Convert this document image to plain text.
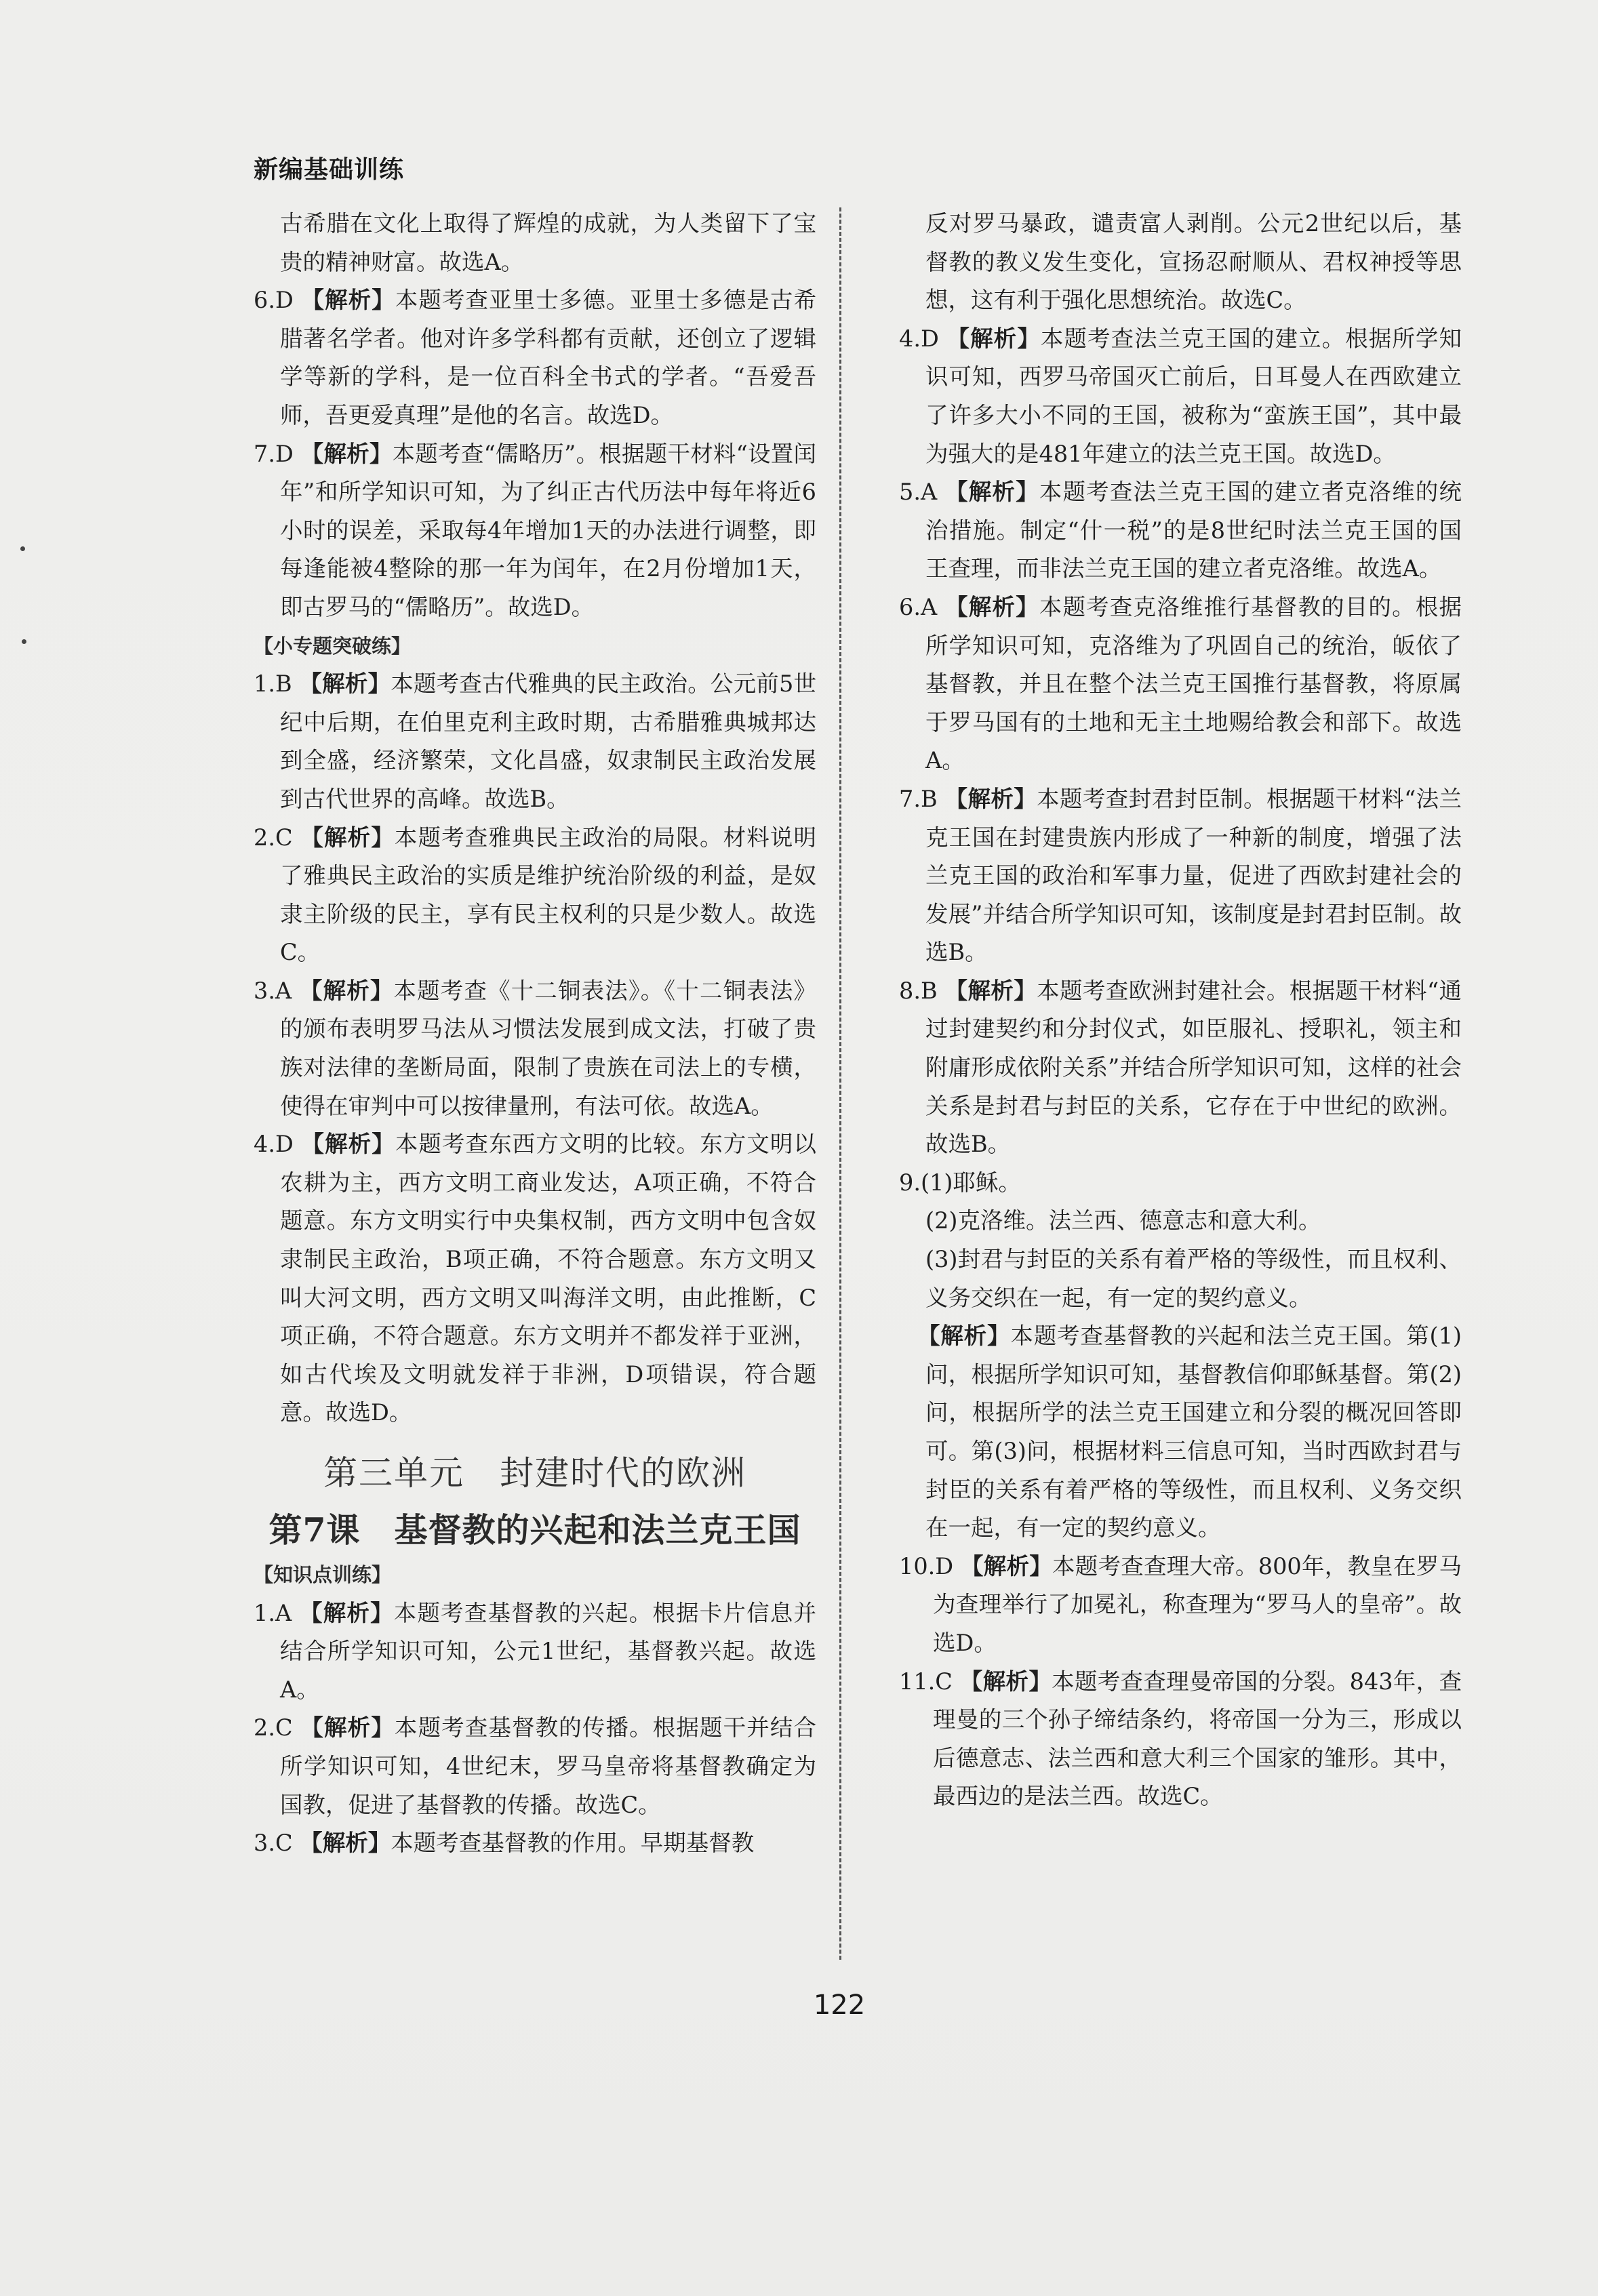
新编基础训练

古希腊在文化上取得了辉煌的成就，为人类留下了宝贵的精神财富。故选A。

6.D 【解析】本题考查亚里士多德。亚里士多德是古希腊著名学者。他对许多学科都有贡献，还创立了逻辑学等新的学科，是一位百科全书式的学者。“吾爱吾师，吾更爱真理”是他的名言。故选D。

7.D 【解析】本题考查“儒略历”。根据题干材料“设置闰年”和所学知识可知，为了纠正古代历法中每年将近6小时的误差，采取每4年增加1天的办法进行调整，即每逢能被4整除的那一年为闰年，在2月份增加1天，即古罗马的“儒略历”。故选D。

【小专题突破练】

1.B 【解析】本题考查古代雅典的民主政治。公元前5世纪中后期，在伯里克利主政时期，古希腊雅典城邦达到全盛，经济繁荣，文化昌盛，奴隶制民主政治发展到古代世界的高峰。故选B。

2.C 【解析】本题考查雅典民主政治的局限。材料说明了雅典民主政治的实质是维护统治阶级的利益，是奴隶主阶级的民主，享有民主权利的只是少数人。故选C。

3.A 【解析】本题考查《十二铜表法》。《十二铜表法》的颁布表明罗马法从习惯法发展到成文法，打破了贵族对法律的垄断局面，限制了贵族在司法上的专横，使得在审判中可以按律量刑，有法可依。故选A。

4.D 【解析】本题考查东西方文明的比较。东方文明以农耕为主，西方文明工商业发达，A项正确，不符合题意。东方文明实行中央集权制，西方文明中包含奴隶制民主政治，B项正确，不符合题意。东方文明又叫大河文明，西方文明又叫海洋文明，由此推断，C项正确，不符合题意。东方文明并不都发祥于亚洲，如古代埃及文明就发祥于非洲，D项错误，符合题意。故选D。

第三单元　封建时代的欧洲
第7课　基督教的兴起和法兰克王国

【知识点训练】

1.A 【解析】本题考查基督教的兴起。根据卡片信息并结合所学知识可知，公元1世纪，基督教兴起。故选A。

2.C 【解析】本题考查基督教的传播。根据题干并结合所学知识可知，4世纪末，罗马皇帝将基督教确定为国教，促进了基督教的传播。故选C。

3.C 【解析】本题考查基督教的作用。早期基督教

反对罗马暴政，谴责富人剥削。公元2世纪以后，基督教的教义发生变化，宣扬忍耐顺从、君权神授等思想，这有利于强化思想统治。故选C。

4.D 【解析】本题考查法兰克王国的建立。根据所学知识可知，西罗马帝国灭亡前后，日耳曼人在西欧建立了许多大小不同的王国，被称为“蛮族王国”，其中最为强大的是481年建立的法兰克王国。故选D。

5.A 【解析】本题考查法兰克王国的建立者克洛维的统治措施。制定“什一税”的是8世纪时法兰克王国的国王查理，而非法兰克王国的建立者克洛维。故选A。

6.A 【解析】本题考查克洛维推行基督教的目的。根据所学知识可知，克洛维为了巩固自己的统治，皈依了基督教，并且在整个法兰克王国推行基督教，将原属于罗马国有的土地和无主土地赐给教会和部下。故选A。

7.B 【解析】本题考查封君封臣制。根据题干材料“法兰克王国在封建贵族内形成了一种新的制度，增强了法兰克王国的政治和军事力量，促进了西欧封建社会的发展”并结合所学知识可知，该制度是封君封臣制。故选B。

8.B 【解析】本题考查欧洲封建社会。根据题干材料“通过封建契约和分封仪式，如臣服礼、授职礼，领主和附庸形成依附关系”并结合所学知识可知，这样的社会关系是封君与封臣的关系，它存在于中世纪的欧洲。故选B。

9.(1)耶稣。

(2)克洛维。法兰西、德意志和意大利。

(3)封君与封臣的关系有着严格的等级性，而且权利、义务交织在一起，有一定的契约意义。

【解析】本题考查基督教的兴起和法兰克王国。第(1)问，根据所学知识可知，基督教信仰耶稣基督。第(2)问，根据所学的法兰克王国建立和分裂的概况回答即可。第(3)问，根据材料三信息可知，当时西欧封君与封臣的关系有着严格的等级性，而且权利、义务交织在一起，有一定的契约意义。

10.D 【解析】本题考查查理大帝。800年，教皇在罗马为查理举行了加冕礼，称查理为“罗马人的皇帝”。故选D。

11.C 【解析】本题考查查理曼帝国的分裂。843年，查理曼的三个孙子缔结条约，将帝国一分为三，形成以后德意志、法兰西和意大利三个国家的雏形。其中，最西边的是法兰西。故选C。

122
